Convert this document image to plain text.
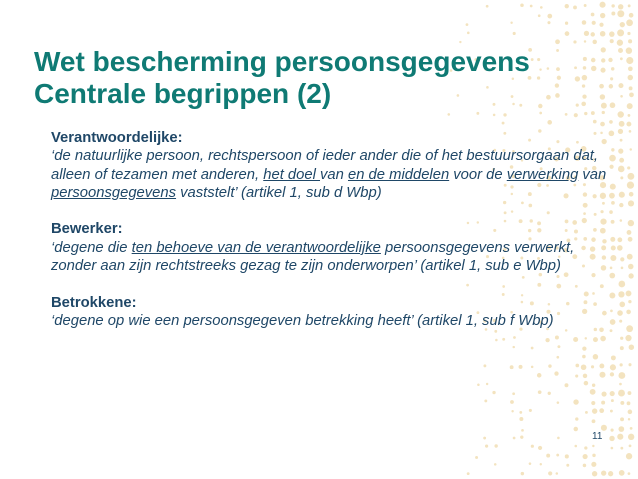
Wet bescherming persoonsgegevens
Centrale begrippen (2)

Verantwoordelijke:
‘de natuurlijke persoon, rechtspersoon of ieder ander die of het bestuursorgaan dat, alleen of tezamen met anderen, het doel van en de middelen voor de verwerking van persoonsgegevens vaststelt’ (artikel 1, sub d Wbp)

Bewerker:
‘degene die ten behoeve van de verantwoordelijke persoonsgegevens verwerkt, zonder aan zijn rechtstreeks gezag te zijn onderworpen’ (artikel 1, sub e Wbp)

Betrokkene:
‘degene op wie een persoonsgegeven betrekking heeft’ (artikel 1, sub f Wbp)

11
